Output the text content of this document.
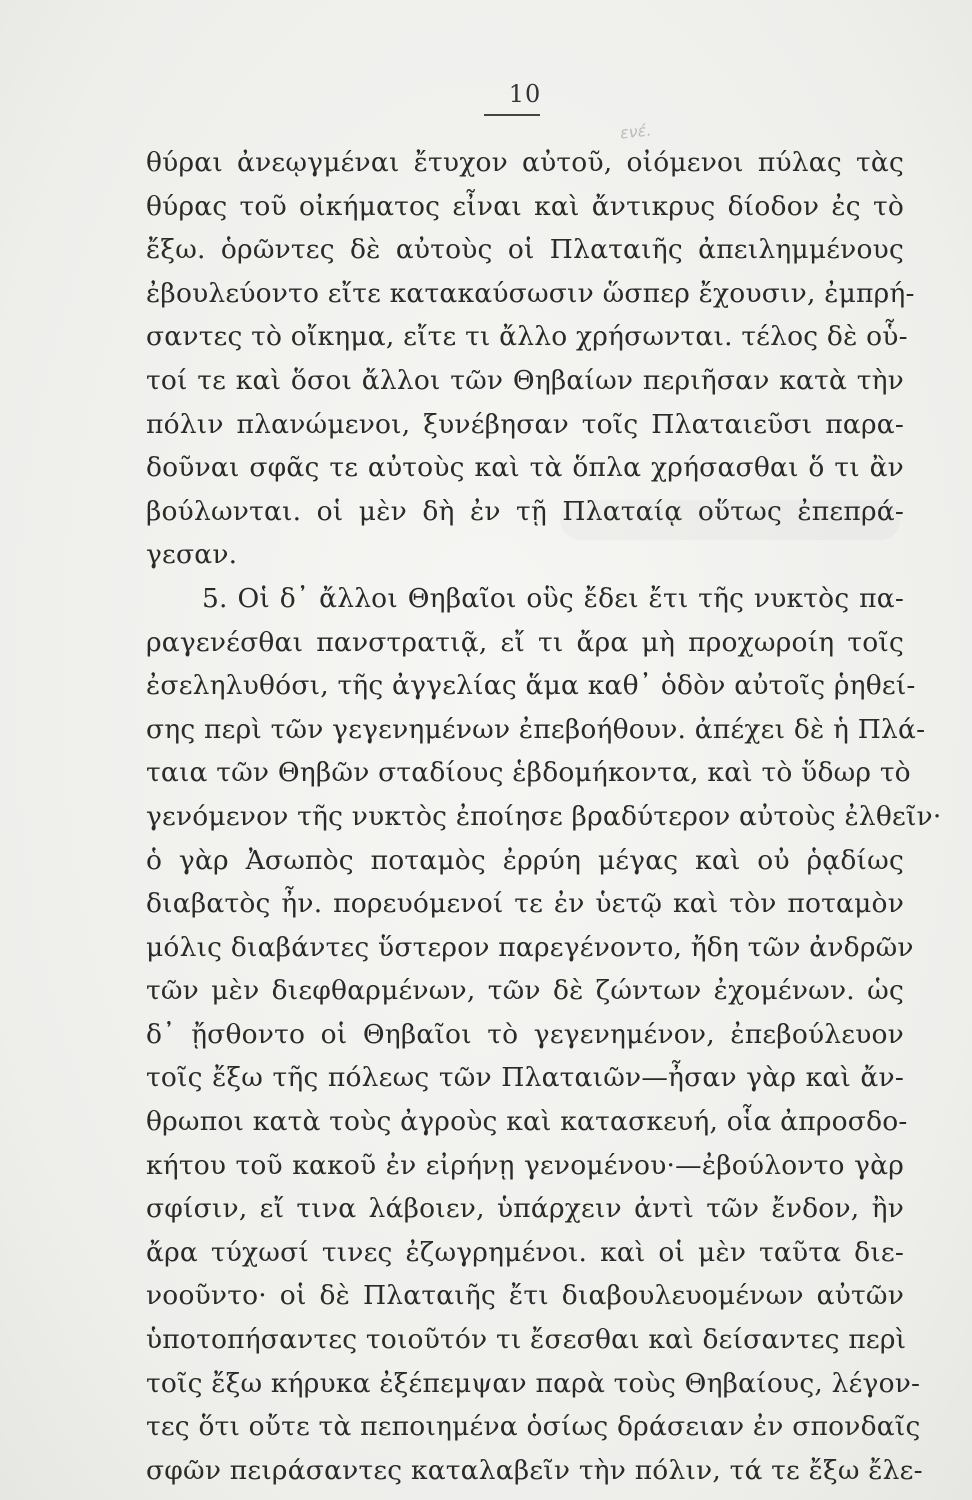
10
ενέ.
θύραι ἀνεῳγμέναι ἔτυχον αὐτοῦ, οἰόμενοι πύλας τὰς
θύρας τοῦ οἰκήματος εἶναι καὶ ἄντικρυς δίοδον ἐς τὸ
ἔξω. ὁρῶντες δὲ αὐτοὺς οἱ Πλαταιῆς ἀπειλημμένους
ἐβουλεύοντο εἴτε κατακαύσωσιν ὥσπερ ἔχουσιν, ἐμπρή-
σαντες τὸ οἴκημα, εἴτε τι ἄλλο χρήσωνται. τέλος δὲ οὗ-
τοί τε καὶ ὅσοι ἄλλοι τῶν Θηβαίων περιῆσαν κατὰ τὴν
πόλιν πλανώμενοι, ξυνέβησαν τοῖς Πλαταιεῦσι παρα-
δοῦναι σφᾶς τε αὐτοὺς καὶ τὰ ὅπλα χρήσασθαι ὅ τι ἂν
βούλωνται. οἱ μὲν δὴ ἐν τῇ Πλαταίᾳ οὕτως ἐπεπρά-
γεσαν.
5. Οἱ δ᾽ ἄλλοι Θηβαῖοι οὓς ἔδει ἔτι τῆς νυκτὸς πα-
ραγενέσθαι πανστρατιᾷ, εἴ τι ἄρα μὴ προχωροίη τοῖς
ἐσεληλυθόσι, τῆς ἀγγελίας ἅμα καθ᾽ ὁδὸν αὐτοῖς ῥηθεί-
σης περὶ τῶν γεγενημένων ἐπεβοήθουν. ἀπέχει δὲ ἡ Πλά-
ταια τῶν Θηβῶν σταδίους ἑβδομήκοντα, καὶ τὸ ὕδωρ τὸ
γενόμενον τῆς νυκτὸς ἐποίησε βραδύτερον αὐτοὺς ἐλθεῖν·
ὁ γὰρ Ἀσωπὸς ποταμὸς ἐρρύη μέγας καὶ οὐ ῥᾳδίως
διαβατὸς ἦν. πορευόμενοί τε ἐν ὑετῷ καὶ τὸν ποταμὸν
μόλις διαβάντες ὕστερον παρεγένοντο, ἤδη τῶν ἀνδρῶν
τῶν μὲν διεφθαρμένων, τῶν δὲ ζώντων ἐχομένων. ὡς
δ᾽ ᾔσθοντο οἱ Θηβαῖοι τὸ γεγενημένον, ἐπεβούλευον
τοῖς ἔξω τῆς πόλεως τῶν Πλαταιῶν—ἦσαν γὰρ καὶ ἄν-
θρωποι κατὰ τοὺς ἀγροὺς καὶ κατασκευή, οἷα ἀπροσδο-
κήτου τοῦ κακοῦ ἐν εἰρήνῃ γενομένου·—ἐβούλοντο γὰρ
σφίσιν, εἴ τινα λάβοιεν, ὑπάρχειν ἀντὶ τῶν ἔνδον, ἢν
ἄρα τύχωσί τινες ἐζωγρημένοι. καὶ οἱ μὲν ταῦτα διε-
νοοῦντο· οἱ δὲ Πλαταιῆς ἔτι διαβουλευομένων αὐτῶν
ὑποτοπήσαντες τοιοῦτόν τι ἔσεσθαι καὶ δείσαντες περὶ
τοῖς ἔξω κήρυκα ἐξέπεμψαν παρὰ τοὺς Θηβαίους, λέγον-
τες ὅτι οὔτε τὰ πεποιημένα ὁσίως δράσειαν ἐν σπονδαῖς
σφῶν πειράσαντες καταλαβεῖν τὴν πόλιν, τά τε ἔξω ἔλε-
